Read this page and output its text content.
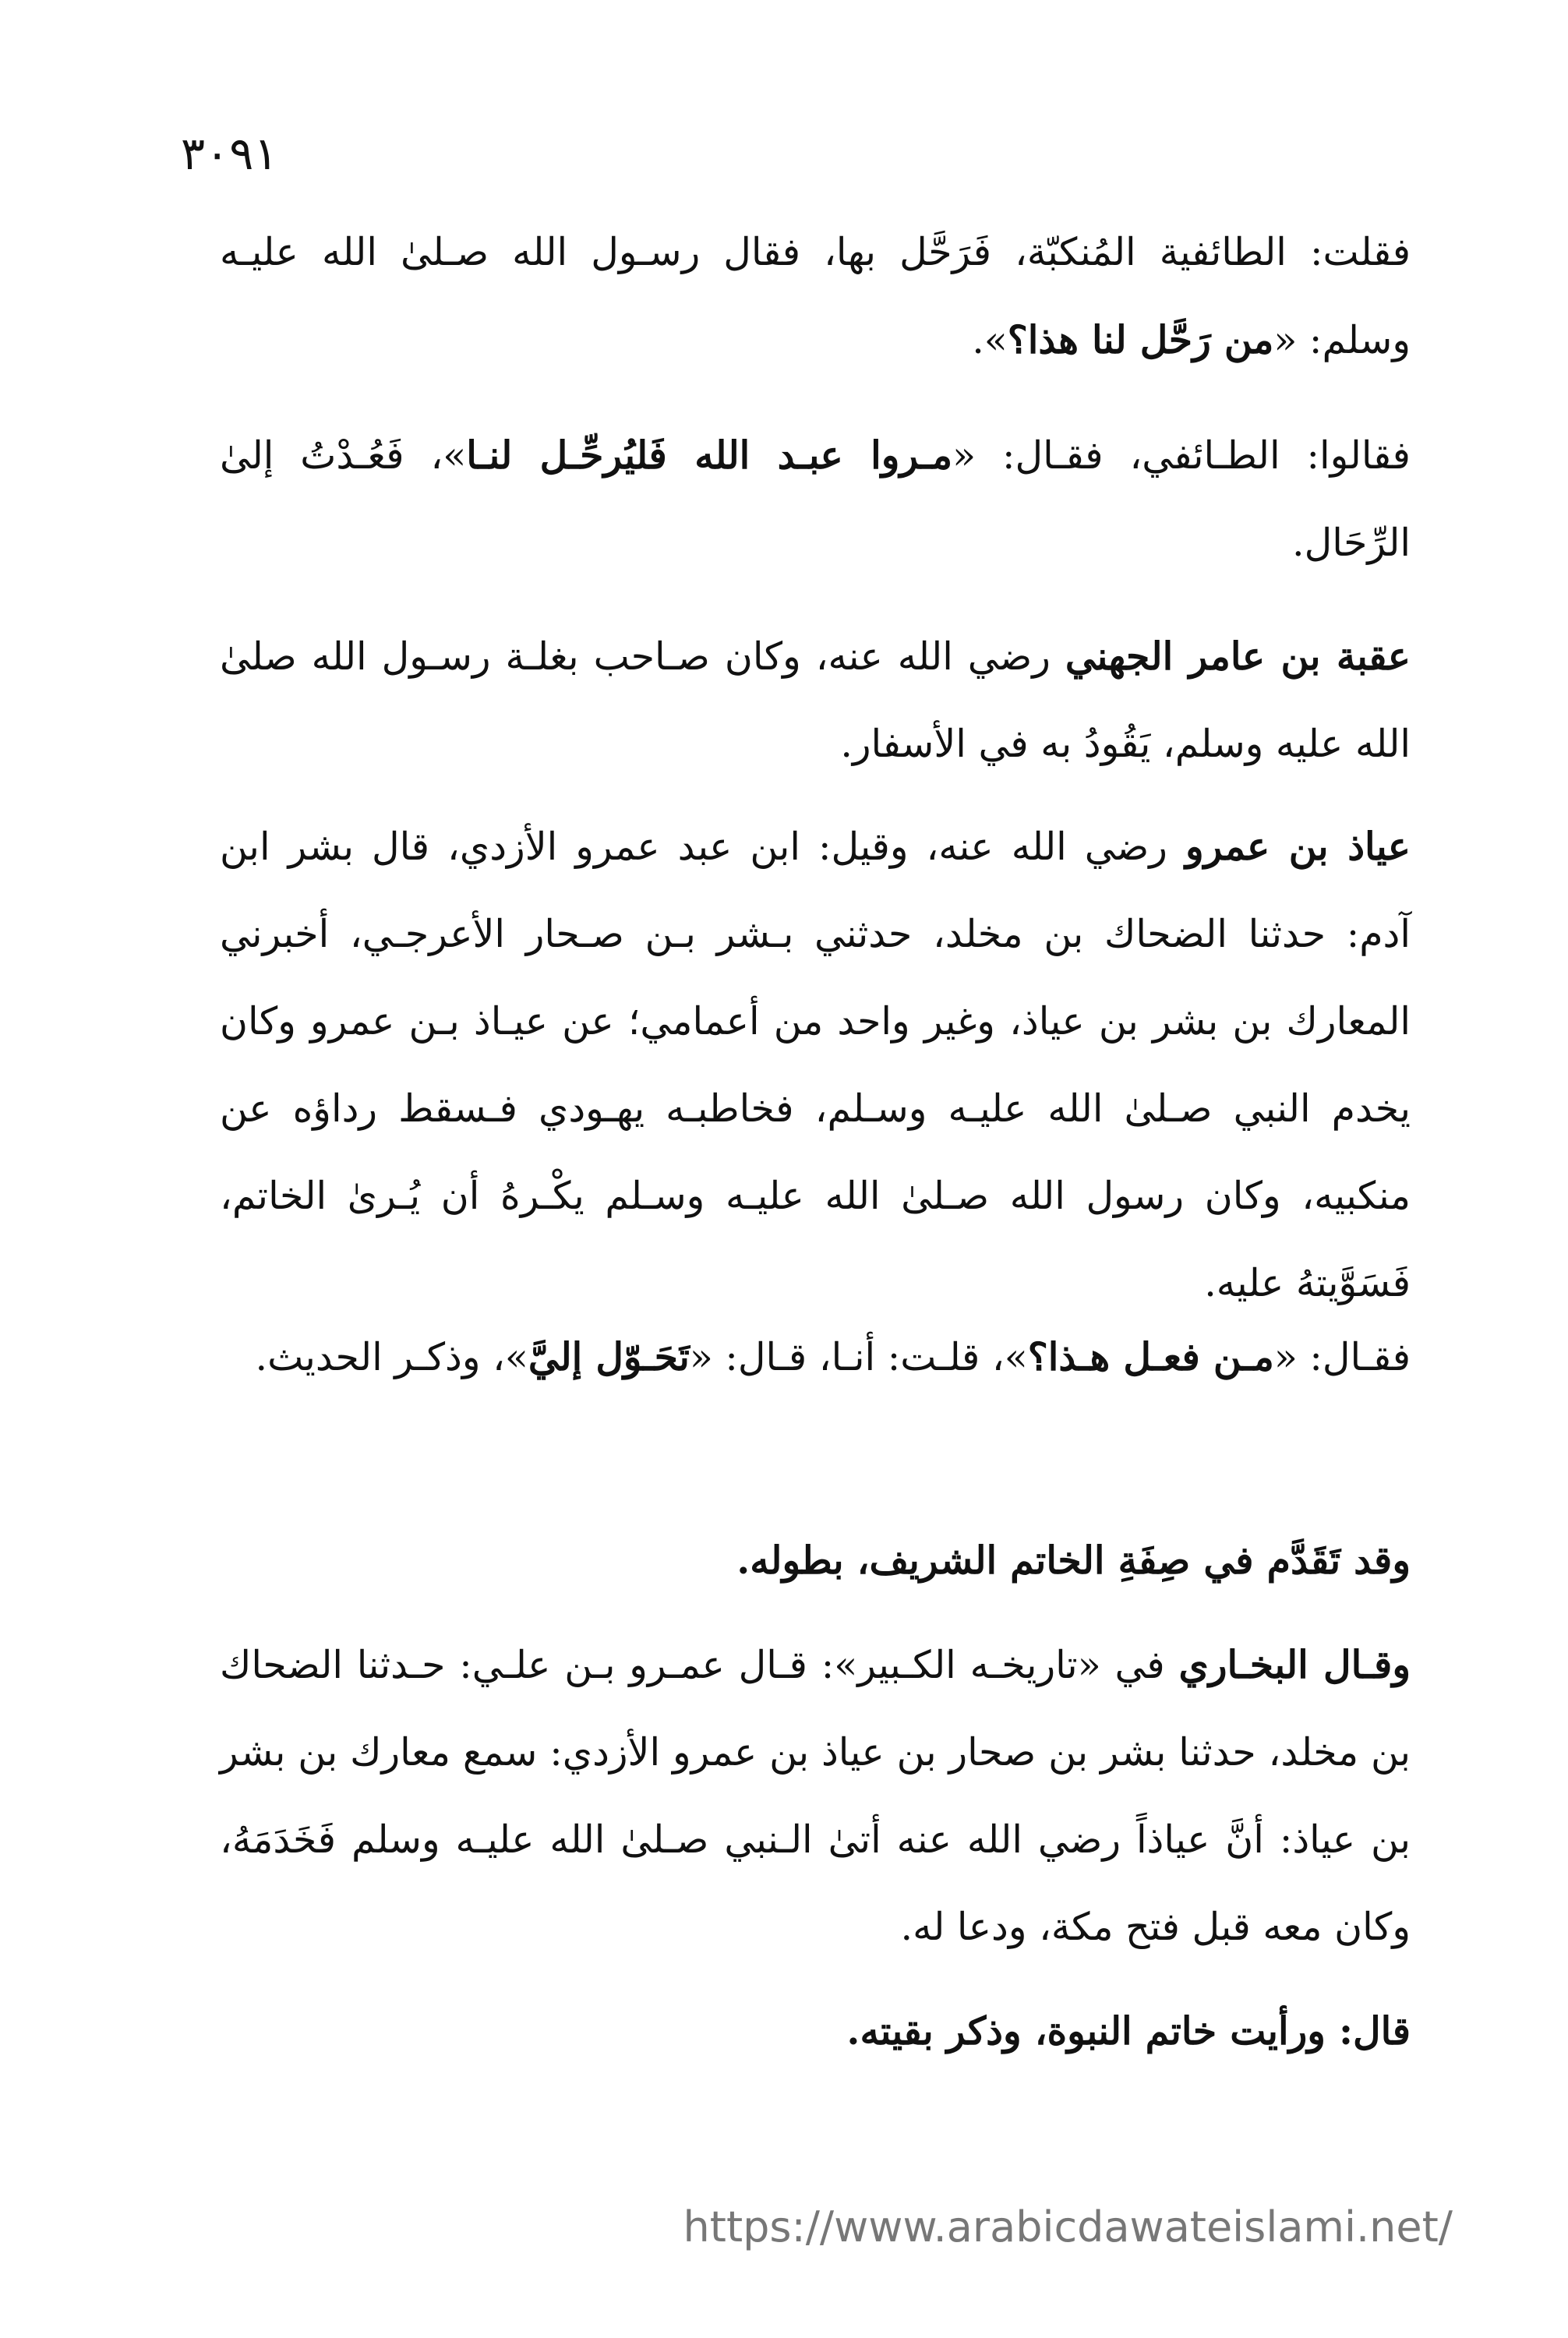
٣٠٩١

فقلت: الطائفية المُنكبّة، فَرَحَّل بها، فقال رسـول الله صـلىٰ الله عليـه وسلم: «من رَحَّل لنا هذا؟».

فقالوا: الطـائفي، فقـال: «مـروا عبـد الله فَليُرحِّـل لنـا»، فَعُـدْتُ إلىٰ الرِّحَال.

عقبة بن عامر الجهني رضي الله عنه، وكان صـاحب بغلـة رسـول الله صلىٰ الله عليه وسلم، يَقُودُ به في الأسفار.

عياذ بن عمرو رضي الله عنه، وقيل: ابن عبد عمرو الأزدي، قال بشر ابن آدم: حدثنا الضحاك بن مخلد، حدثني بـشر بـن صـحار الأعرجـي، أخبرني المعارك بن بشر بن عياذ، وغير واحد من أعمامي؛ عن عيـاذ بـن عمرو وكان يخدم النبي صـلىٰ الله عليـه وسـلم، فخاطبـه يهـودي فـسقط رداؤه عن منكبيه، وكان رسول الله صـلىٰ الله عليـه وسـلم يكْـرهُ أن يُـرىٰ الخاتم، فَسَوَّيتهُ عليه.

فقـال: «مـن فعـل هـذا؟»، قلـت: أنـا، قـال: «تَحَـوّل إليَّ»، وذكـر الحديث.

وقد تَقَدَّم في صِفَةِ الخاتم الشريف، بطوله.

وقـال البخـاري في «تاريخـه الكـبير»: قـال عمـرو بـن علـي: حـدثنا الضحاك بن مخلد، حدثنا بشر بن صحار بن عياذ بن عمرو الأزدي: سمع معارك بن بشر بن عياذ: أنَّ عياذاً رضي الله عنه أتىٰ الـنبي صـلىٰ الله عليـه وسلم فَخَدَمَهُ، وكان معه قبل فتح مكة، ودعا له.

قال: ورأيت خاتم النبوة، وذكر بقيته.

https://www.arabicdawateislami.net/
